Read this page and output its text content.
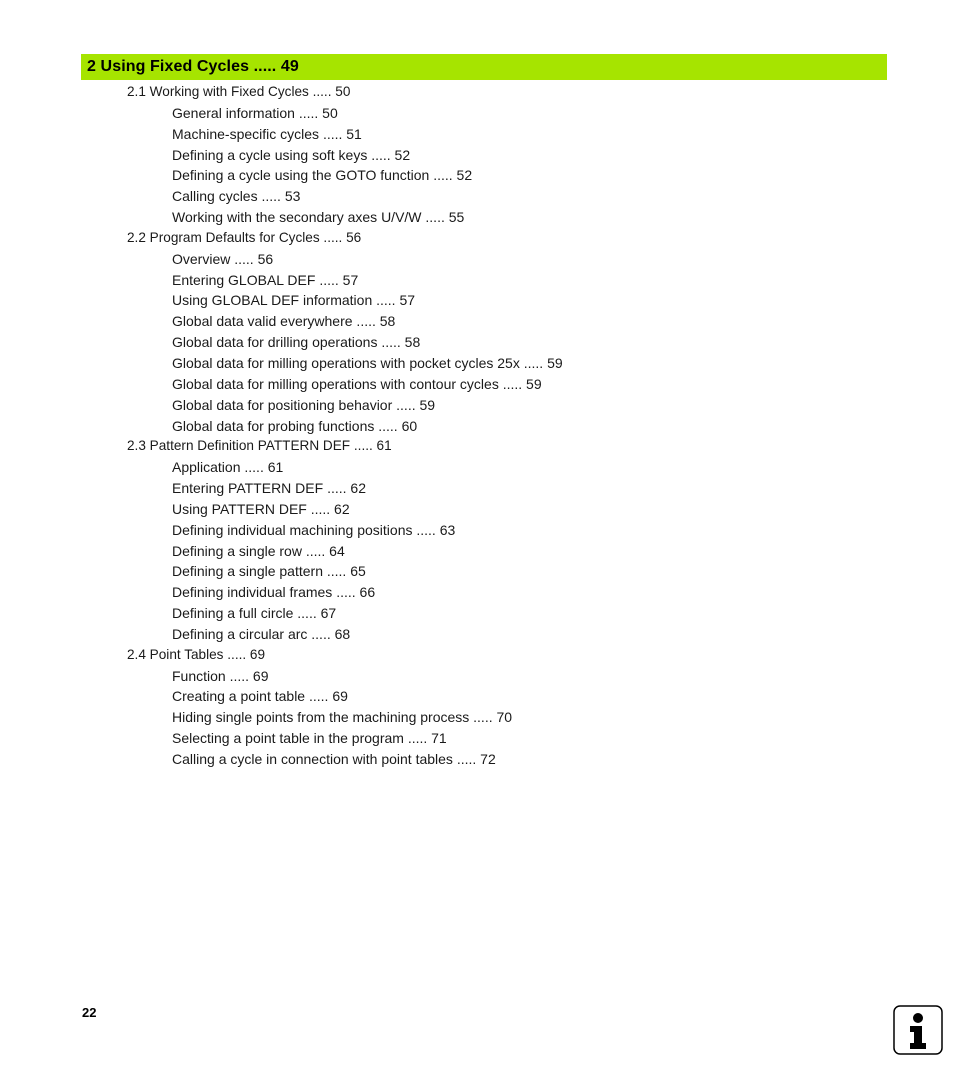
2 Using Fixed Cycles ..... 49
2.1 Working with Fixed Cycles ..... 50
General information ..... 50
Machine-specific cycles ..... 51
Defining a cycle using soft keys ..... 52
Defining a cycle using the GOTO function ..... 52
Calling cycles ..... 53
Working with the secondary axes U/V/W ..... 55
2.2 Program Defaults for Cycles ..... 56
Overview ..... 56
Entering GLOBAL DEF ..... 57
Using GLOBAL DEF information ..... 57
Global data valid everywhere ..... 58
Global data for drilling operations ..... 58
Global data for milling operations with pocket cycles 25x ..... 59
Global data for milling operations with contour cycles ..... 59
Global data for positioning behavior ..... 59
Global data for probing functions ..... 60
2.3 Pattern Definition PATTERN DEF ..... 61
Application ..... 61
Entering PATTERN DEF ..... 62
Using PATTERN DEF ..... 62
Defining individual machining positions ..... 63
Defining a single row ..... 64
Defining a single pattern ..... 65
Defining individual frames ..... 66
Defining a full circle ..... 67
Defining a circular arc ..... 68
2.4 Point Tables ..... 69
Function ..... 69
Creating a point table ..... 69
Hiding single points from the machining process ..... 70
Selecting a point table in the program ..... 71
Calling a cycle in connection with point tables ..... 72
22
